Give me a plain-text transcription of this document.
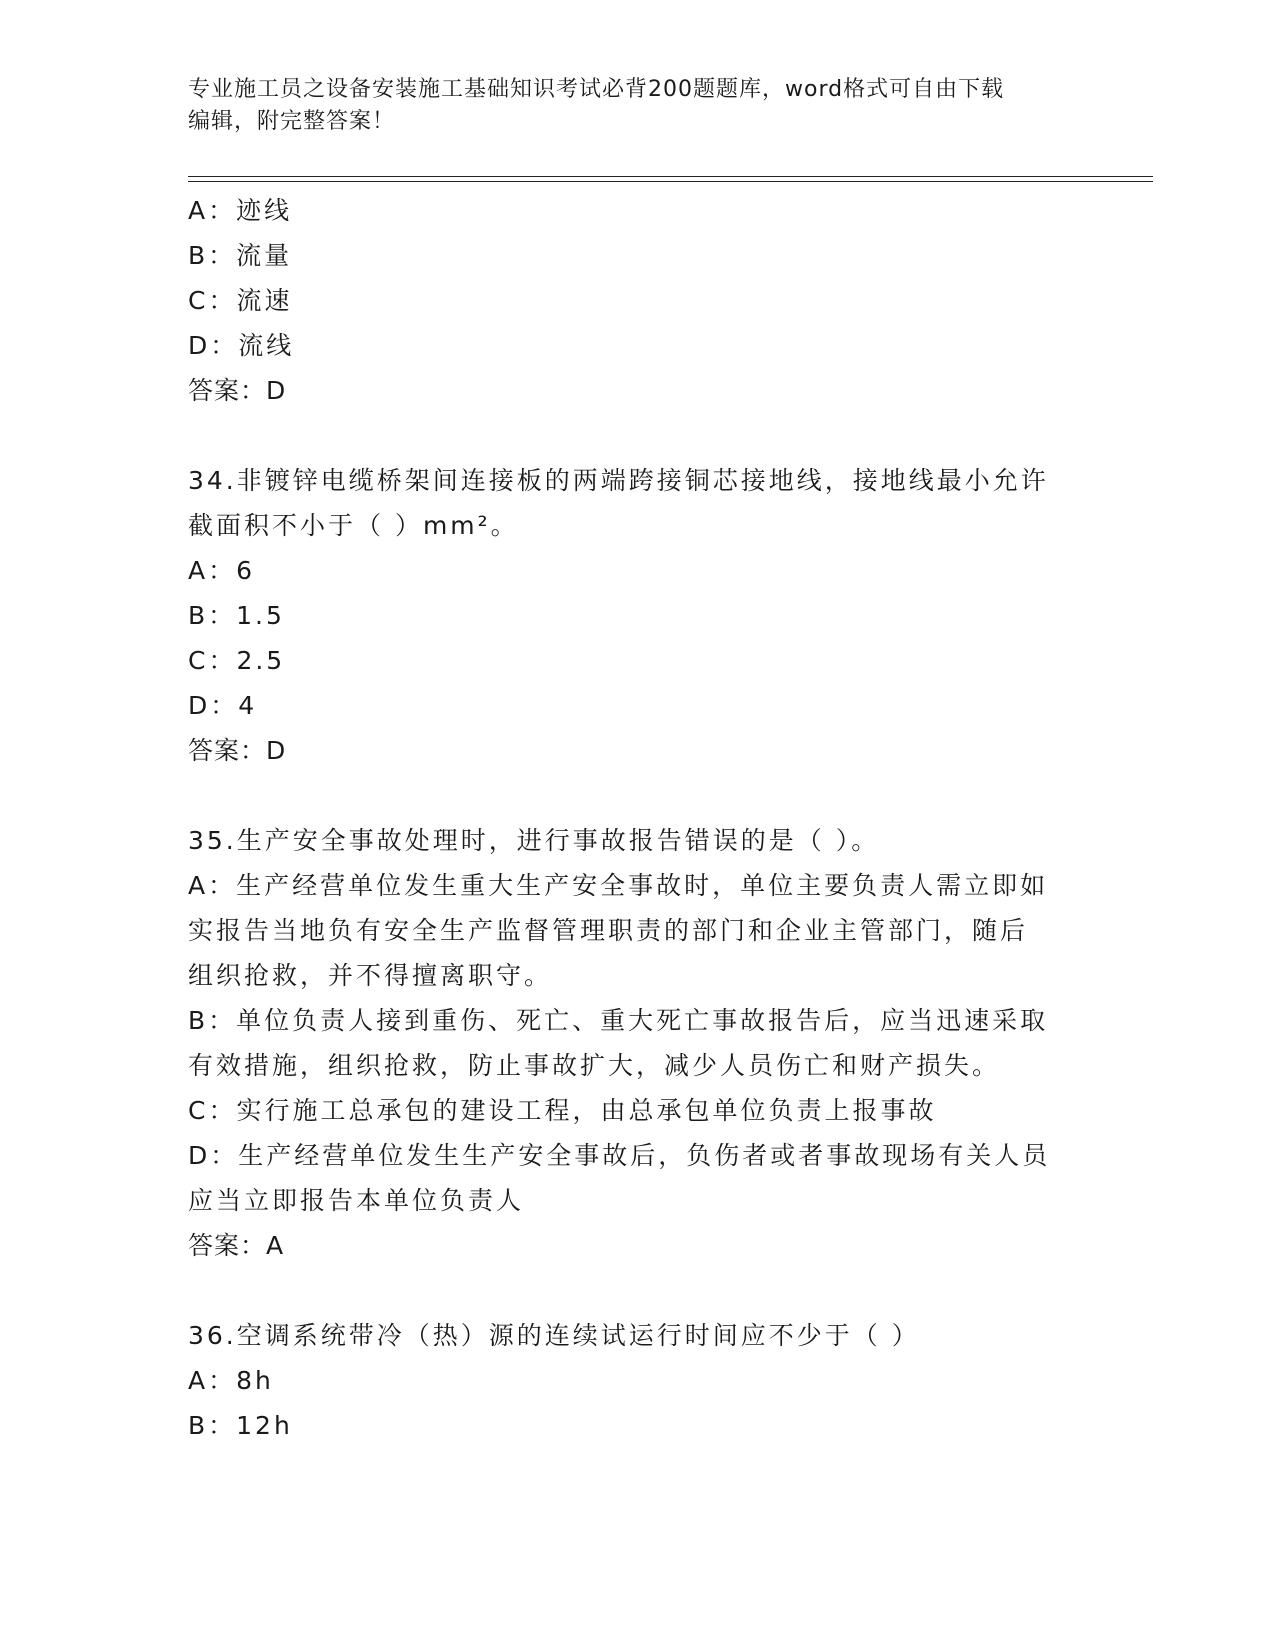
专业施工员之设备安装施工基础知识考试必背200题题库，word格式可自由下载
编辑，附完整答案！

A：迹线

B：流量

C：流速

D：流线

答案：D

34.非镀锌电缆桥架间连接板的两端跨接铜芯接地线，接地线最小允许

截面积不小于（ ）mm²。

A：6

B：1.5

C：2.5

D：4

答案：D

35.生产安全事故处理时，进行事故报告错误的是（ ）。

A：生产经营单位发生重大生产安全事故时，单位主要负责人需立即如

实报告当地负有安全生产监督管理职责的部门和企业主管部门，随后

组织抢救，并不得擅离职守。

B：单位负责人接到重伤、死亡、重大死亡事故报告后，应当迅速采取

有效措施，组织抢救，防止事故扩大，减少人员伤亡和财产损失。

C：实行施工总承包的建设工程，由总承包单位负责上报事故

D：生产经营单位发生生产安全事故后，负伤者或者事故现场有关人员

应当立即报告本单位负责人

答案：A

36.空调系统带冷（热）源的连续试运行时间应不少于（ ）

A：8h

B：12h
